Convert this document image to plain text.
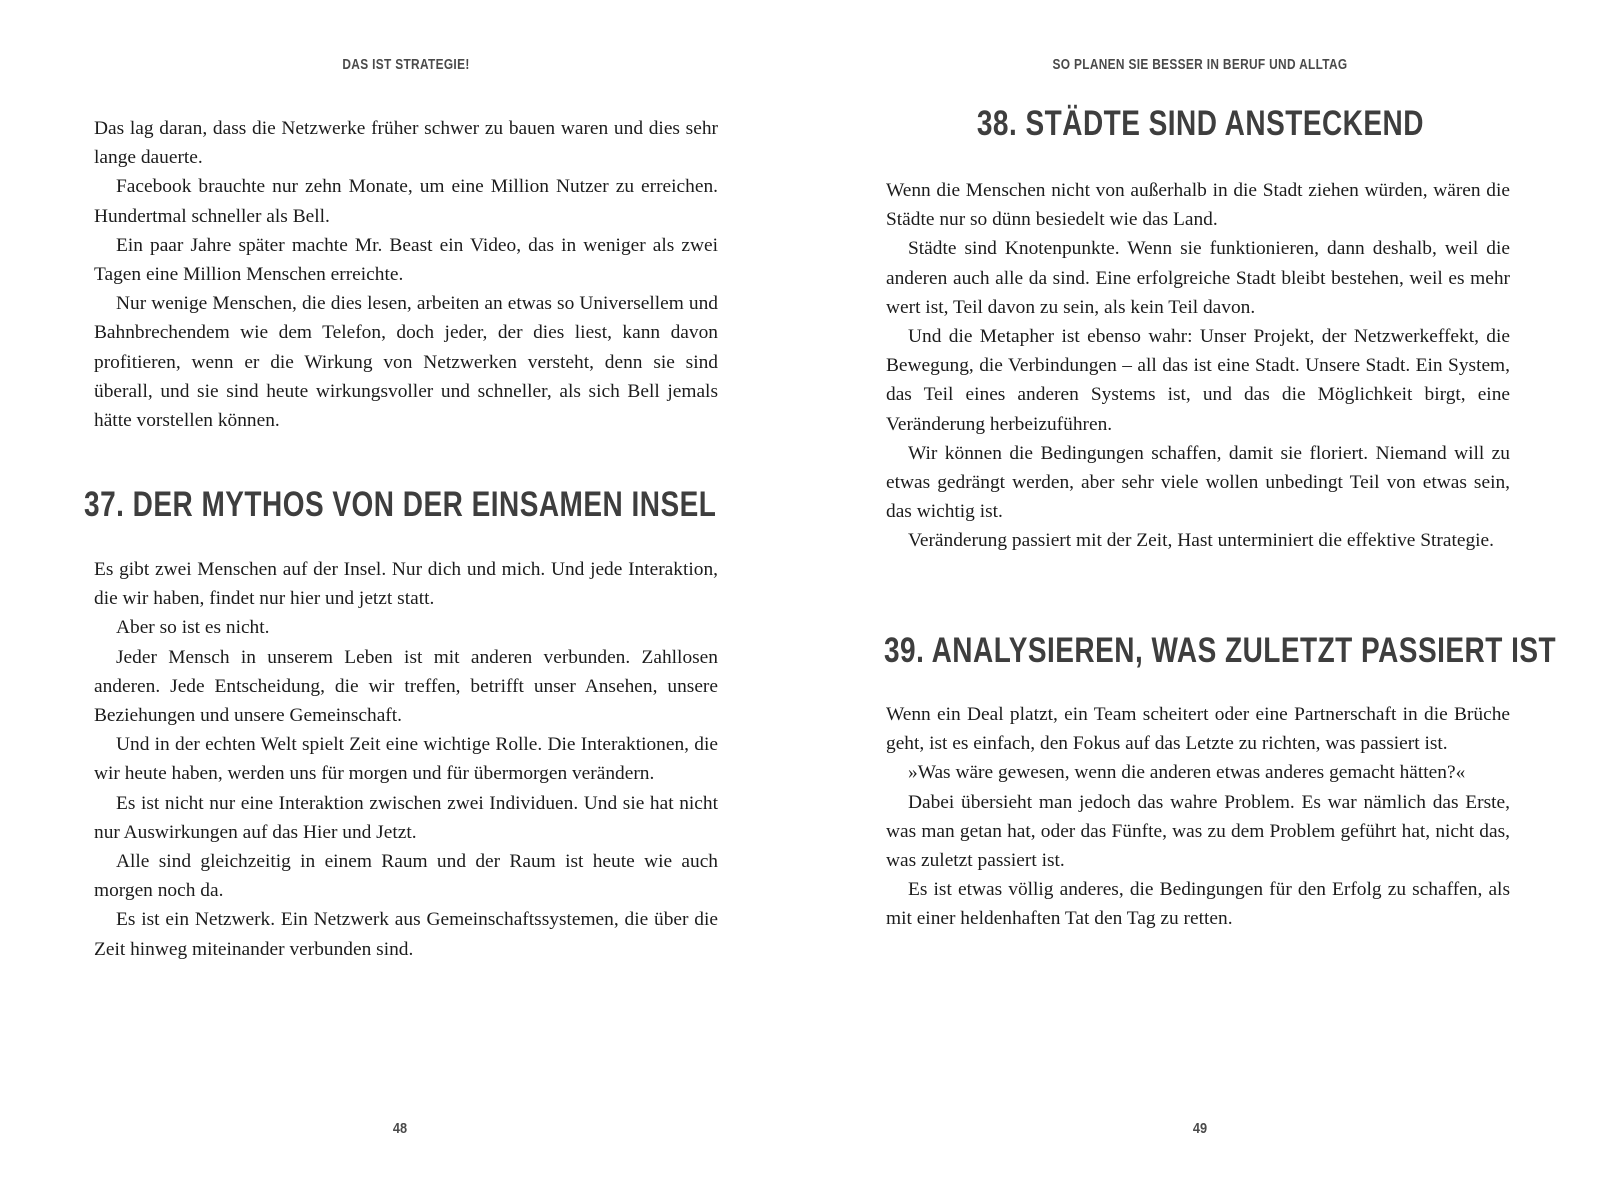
DAS IST STRATEGIE!

Das lag daran, dass die Netzwerke früher schwer zu bauen waren und dies sehr lange dauerte.

Facebook brauchte nur zehn Monate, um eine Million Nutzer zu erreichen. Hundertmal schneller als Bell.

Ein paar Jahre später machte Mr. Beast ein Video, das in weniger als zwei Tagen eine Million Menschen erreichte.

Nur wenige Menschen, die dies lesen, arbeiten an etwas so Universellem und Bahnbrechendem wie dem Telefon, doch jeder, der dies liest, kann davon profitieren, wenn er die Wirkung von Netzwerken versteht, denn sie sind überall, und sie sind heute wirkungsvoller und schneller, als sich Bell jemals hätte vorstellen können.

37. DER MYTHOS VON DER EINSAMEN INSEL

Es gibt zwei Menschen auf der Insel. Nur dich und mich. Und jede Interaktion, die wir haben, findet nur hier und jetzt statt.

Aber so ist es nicht.

Jeder Mensch in unserem Leben ist mit anderen verbunden. Zahllosen anderen. Jede Entscheidung, die wir treffen, betrifft unser Ansehen, unsere Beziehungen und unsere Gemeinschaft.

Und in der echten Welt spielt Zeit eine wichtige Rolle. Die Interaktionen, die wir heute haben, werden uns für morgen und für übermorgen verändern.

Es ist nicht nur eine Interaktion zwischen zwei Individuen. Und sie hat nicht nur Auswirkungen auf das Hier und Jetzt.

Alle sind gleichzeitig in einem Raum und der Raum ist heute wie auch morgen noch da.

Es ist ein Netzwerk. Ein Netzwerk aus Gemeinschaftssystemen, die über die Zeit hinweg miteinander verbunden sind.

48
SO PLANEN SIE BESSER IN BERUF UND ALLTAG
38. STÄDTE SIND ANSTECKEND

Wenn die Menschen nicht von außerhalb in die Stadt ziehen würden, wären die Städte nur so dünn besiedelt wie das Land.

Städte sind Knotenpunkte. Wenn sie funktionieren, dann deshalb, weil die anderen auch alle da sind. Eine erfolgreiche Stadt bleibt bestehen, weil es mehr wert ist, Teil davon zu sein, als kein Teil davon.

Und die Metapher ist ebenso wahr: Unser Projekt, der Netzwerkeffekt, die Bewegung, die Verbindungen – all das ist eine Stadt. Unsere Stadt. Ein System, das Teil eines anderen Systems ist, und das die Möglichkeit birgt, eine Veränderung herbeizuführen.

Wir können die Bedingungen schaffen, damit sie floriert. Niemand will zu etwas gedrängt werden, aber sehr viele wollen unbedingt Teil von etwas sein, das wichtig ist.

Veränderung passiert mit der Zeit, Hast unterminiert die effektive Strategie.

39. ANALYSIEREN, WAS ZULETZT PASSIERT IST

Wenn ein Deal platzt, ein Team scheitert oder eine Partnerschaft in die Brüche geht, ist es einfach, den Fokus auf das Letzte zu richten, was passiert ist.

»Was wäre gewesen, wenn die anderen etwas anderes gemacht hätten?«

Dabei übersieht man jedoch das wahre Problem. Es war nämlich das Erste, was man getan hat, oder das Fünfte, was zu dem Problem geführt hat, nicht das, was zuletzt passiert ist.

Es ist etwas völlig anderes, die Bedingungen für den Erfolg zu schaffen, als mit einer heldenhaften Tat den Tag zu retten.

49
